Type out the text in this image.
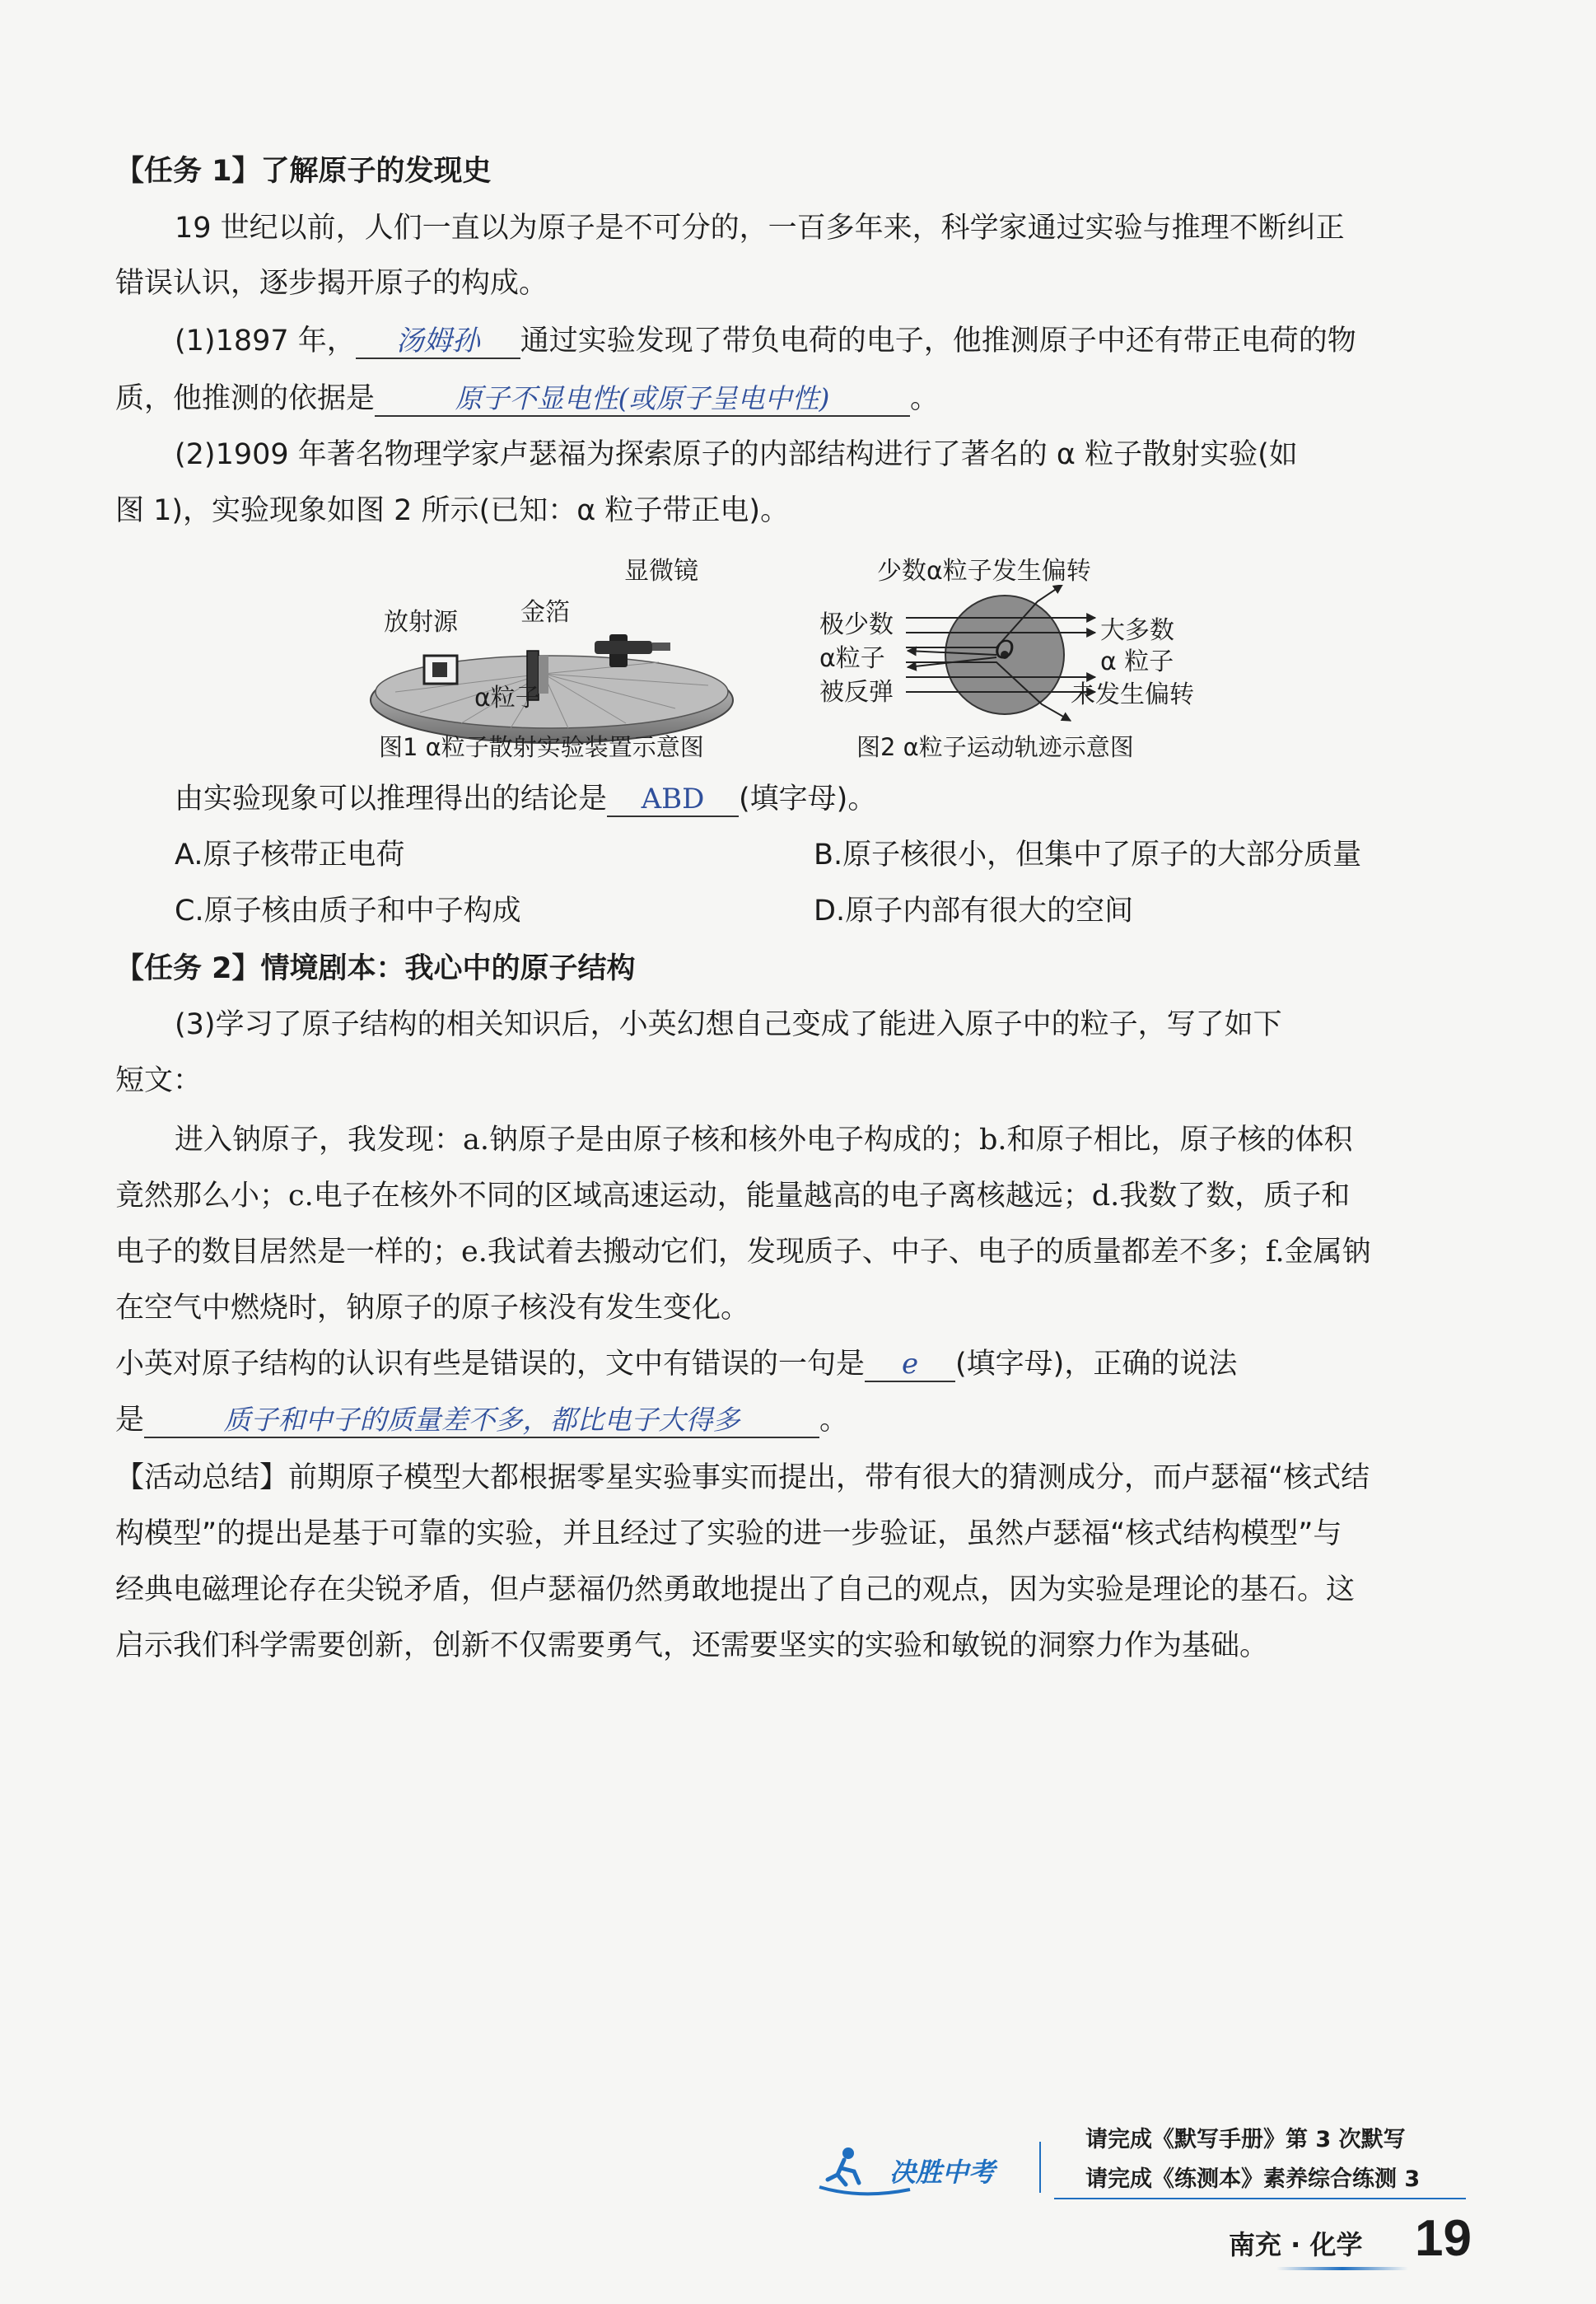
【任务 1】了解原子的发现史
19 世纪以前，人们一直以为原子是不可分的，一百多年来，科学家通过实验与推理不断纠正
错误认识，逐步揭开原子的构成。
(1)1897 年， 汤姆孙 通过实验发现了带负电荷的电子，他推测原子中还有带正电荷的物
质，他推测的依据是	原子不显电性(或原子呈电中性)	。
(2)1909 年著名物理学家卢瑟福为探索原子的内部结构进行了著名的 α 粒子散射实验(如
图 1)，实验现象如图 2 所示(已知：α 粒子带正电)。
显微镜
放射源	金箔
α粒子
图1 α粒子散射实验装置示意图
少数α粒子发生偏转
极少数
α粒子
被反弹
大多数
α 粒子
未发生偏转
O
图2 α粒子运动轨迹示意图
由实验现象可以推理得出的结论是 ABD (填字母)。
A.原子核带正电荷	B.原子核很小，但集中了原子的大部分质量
C.原子核由质子和中子构成	D.原子内部有很大的空间
【任务 2】情境剧本：我心中的原子结构
(3)学习了原子结构的相关知识后，小英幻想自己变成了能进入原子中的粒子，写了如下
短文：
进入钠原子，我发现：a.钠原子是由原子核和核外电子构成的；b.和原子相比，原子核的体积
竟然那么小；c.电子在核外不同的区域高速运动，能量越高的电子离核越远；d.我数了数，质子和
电子的数目居然是一样的；e.我试着去搬动它们，发现质子、中子、电子的质量都差不多；f.金属钠
在空气中燃烧时，钠原子的原子核没有发生变化。
小英对原子结构的认识有些是错误的，文中有错误的一句是 e (填字母)，正确的说法
是	质子和中子的质量差不多，都比电子大得多	。
【活动总结】前期原子模型大都根据零星实验事实而提出，带有很大的猜测成分，而卢瑟福“核式结
构模型”的提出是基于可靠的实验，并且经过了实验的进一步验证，虽然卢瑟福“核式结构模型”与
经典电磁理论存在尖锐矛盾，但卢瑟福仍然勇敢地提出了自己的观点，因为实验是理论的基石。这
启示我们科学需要创新，创新不仅需要勇气，还需要坚实的实验和敏锐的洞察力作为基础。
决胜中考
请完成《默写手册》第 3 次默写
请完成《练测本》素养综合练测 3
南充 · 化学 19
